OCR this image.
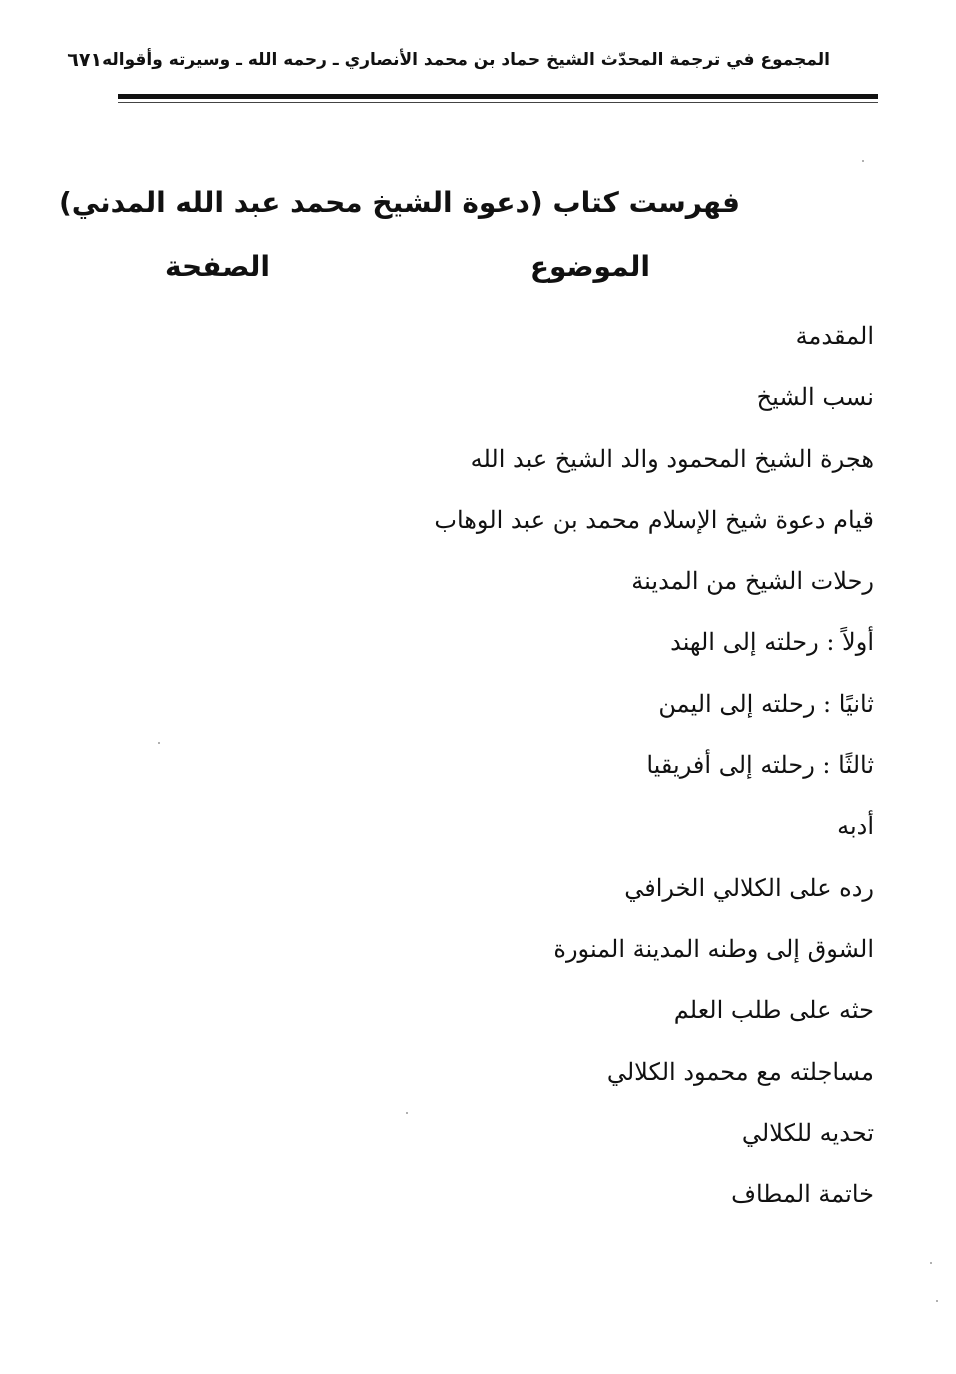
المجموع في ترجمة المحدّث الشيخ حماد بن محمد الأنصاري ـ رحمه الله ـ وسيرته وأقواله
٦٧١
فهرست كتاب (دعوة الشيخ محمد عبد الله المدني)
الموضوع
الصفحة
المقدمة
نسب الشيخ
هجرة الشيخ المحمود والد الشيخ عبد الله
قيام دعوة شيخ الإسلام محمد بن عبد الوهاب
رحلات الشيخ من المدينة
أولاً : رحلته إلى الهند
ثانيًا : رحلته إلى اليمن
ثالثًا : رحلته إلى أفريقيا
أدبه
رده على الكلالي الخرافي
الشوق إلى وطنه المدينة المنورة
حثه على طلب العلم
مساجلته مع محمود الكلالي
تحديه للكلالي
خاتمة المطاف
